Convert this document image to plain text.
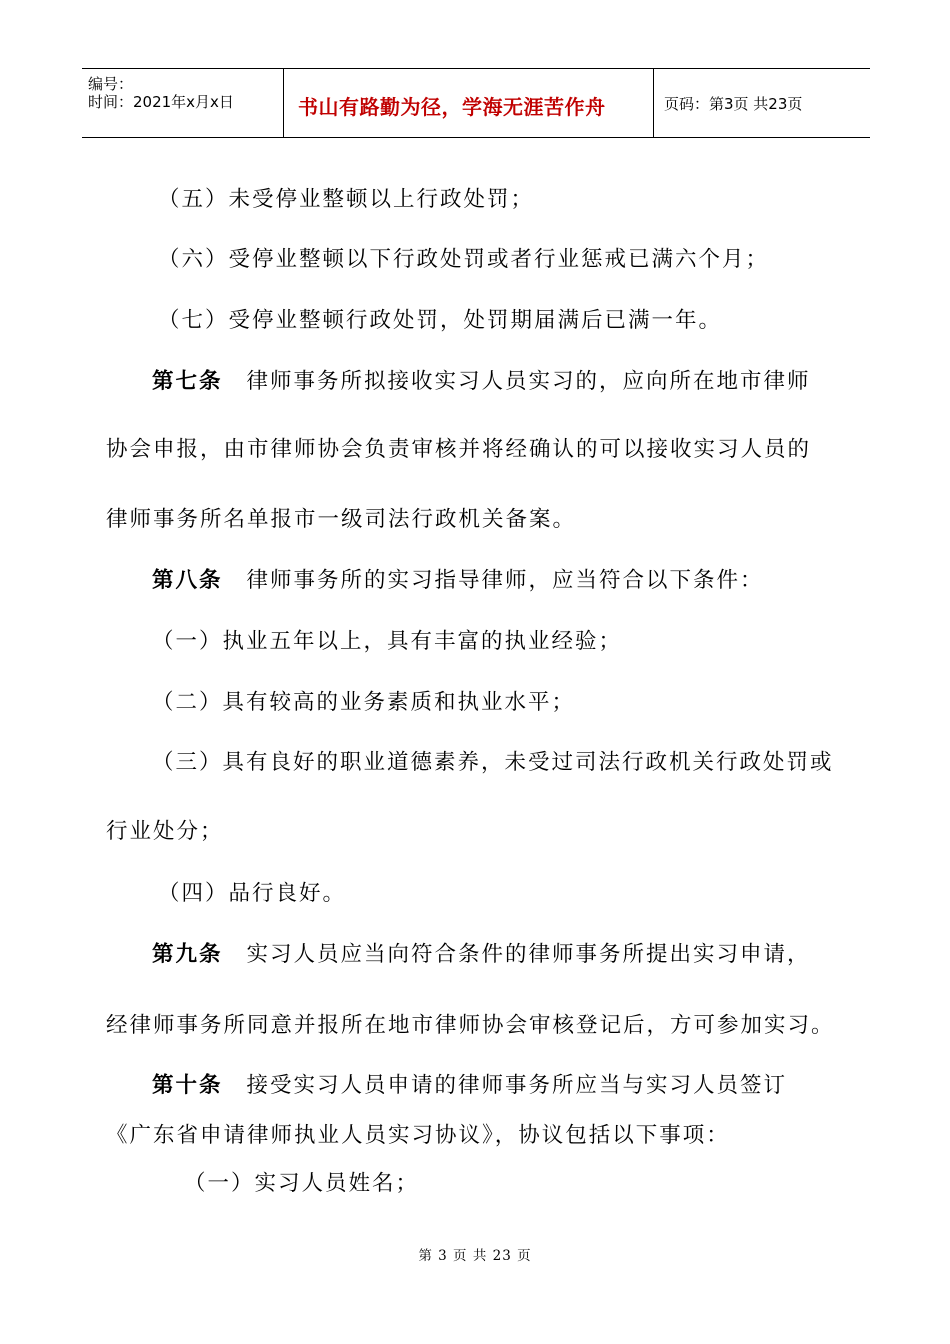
编号：
时间：2021年x月x日	书山有路勤为径，学海无涯苦作舟	页码：第3页 共23页
（五）未受停业整顿以上行政处罚；
（六）受停业整顿以下行政处罚或者行业惩戒已满六个月；
（七）受停业整顿行政处罚，处罚期届满后已满一年。
第七条 律师事务所拟接收实习人员实习的，应向所在地市律师
协会申报，由市律师协会负责审核并将经确认的可以接收实习人员的
律师事务所名单报市一级司法行政机关备案。
第八条 律师事务所的实习指导律师，应当符合以下条件：
（一）执业五年以上，具有丰富的执业经验；
（二）具有较高的业务素质和执业水平；
（三）具有良好的职业道德素养，未受过司法行政机关行政处罚或
行业处分；
（四）品行良好。
第九条 实习人员应当向符合条件的律师事务所提出实习申请，
经律师事务所同意并报所在地市律师协会审核登记后，方可参加实习。
第十条 接受实习人员申请的律师事务所应当与实习人员签订
《广东省申请律师执业人员实习协议》，协议包括以下事项：
（一）实习人员姓名；
第 3 页 共 23 页
